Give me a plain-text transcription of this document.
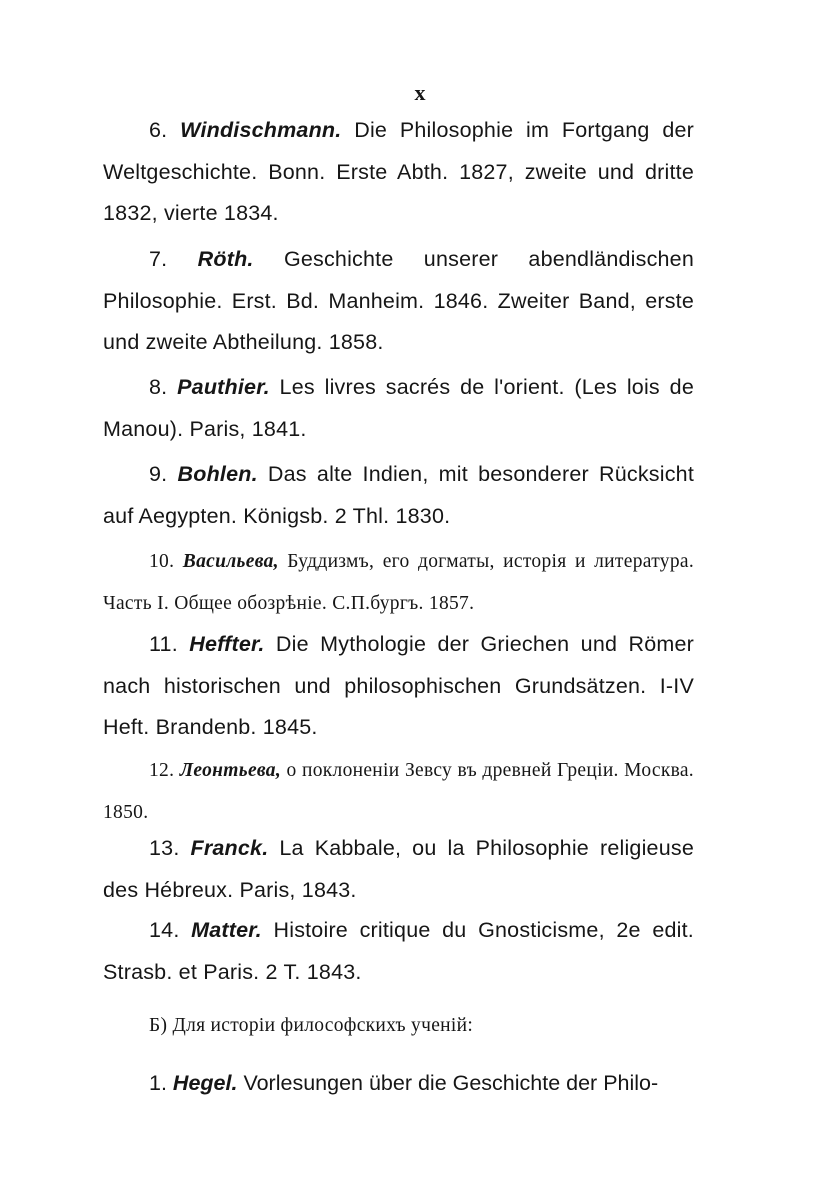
x

6. Windischmann. Die Philosophie im Fortgang der Weltgeschichte. Bonn. Erste Abth. 1827, zweite und dritte 1832, vierte 1834.

7. Röth. Geschichte unserer abendländischen Philosophie. Erst. Bd. Manheim. 1846. Zweiter Band, erste und zweite Abtheilung. 1858.

8. Pauthier. Les livres sacrés de l'orient. (Les lois de Manou). Paris, 1841.

9. Bohlen. Das alte Indien, mit besonderer Rücksicht auf Aegypten. Königsb. 2 Thl. 1830.

10. Васильева, Буддизмъ, его догматы, исторія и литература. Часть I. Общее обозрѣніе. С.П.бургъ. 1857.

11. Heffter. Die Mythologie der Griechen und Römer nach historischen und philosophischen Grundsätzen. I-IV Heft. Brandenb. 1845.

12. Леонтьева, о поклоненіи Зевсу въ древней Греціи. Москва. 1850.

13. Franck. La Kabbale, ou la Philosophie religieuse des Hébreux. Paris, 1843.

14. Matter. Histoire critique du Gnosticisme, 2e edit. Strasb. et Paris. 2 T. 1843.

Б) Для исторіи философскихъ ученій:

1. Hegel. Vorlesungen über die Geschichte der Philo-
